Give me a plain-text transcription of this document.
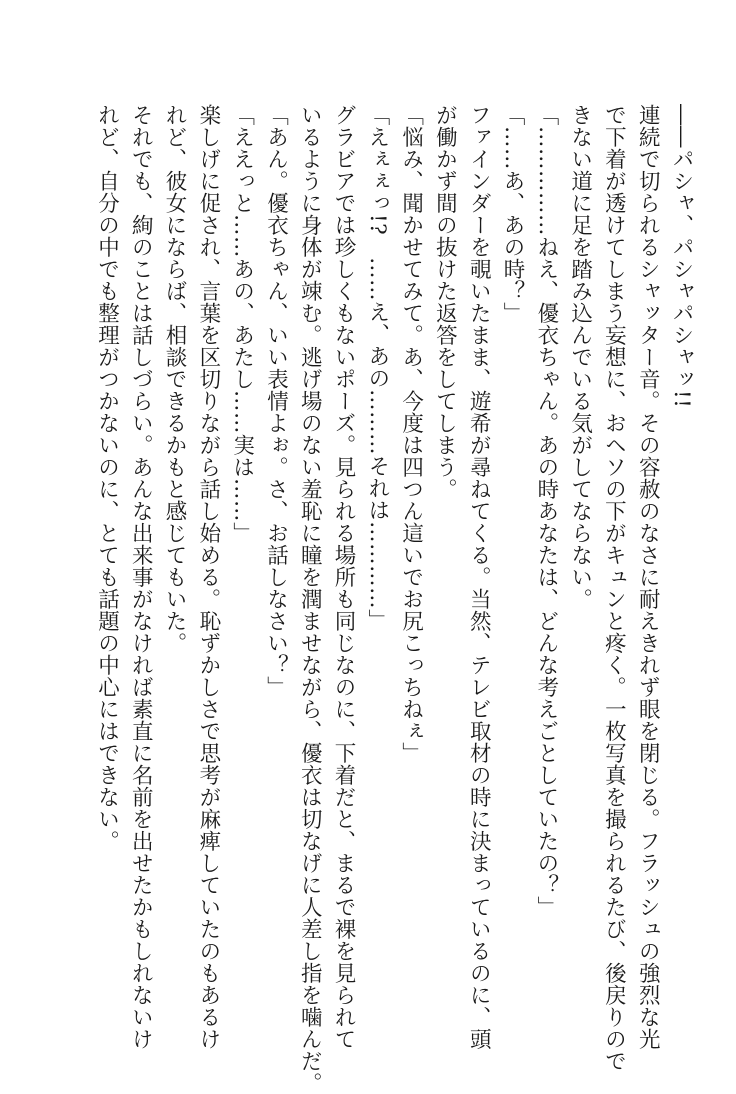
――パシャ、パシャパシャッ!!

連続で切られるシャッター音。その容赦のなさに耐えきれず眼を閉じる。フラッシュの強烈な光

で下着が透けてしまう妄想に、おヘソの下がキュンと疼く。一枚写真を撮られるたび、後戻りので

きない道に足を踏み込んでいる気がしてならない。

「……………ねえ、優衣ちゃん。あの時あなたは、どんな考えごとしていたの？」

「……あ、あの時？」

ファインダーを覗いたまま、遊希が尋ねてくる。当然、テレビ取材の時に決まっているのに、頭

が働かず間の抜けた返答をしてしまう。

「悩み、聞かせてみて。あ、今度は四つん這いでお尻こっちねぇ」

「えぇぇっ!?　……え、あの………それは…………」

グラビアでは珍しくもないポーズ。見られる場所も同じなのに、下着だと、まるで裸を見られて

いるように身体が竦む。逃げ場のない羞恥に瞳を潤ませながら、優衣は切なげに人差し指を噛んだ。

「あん。優衣ちゃん、いい表情よぉ。さ、お話しなさい？」

「ええっと……あの、あたし……実は……」

楽しげに促され、言葉を区切りながら話し始める。恥ずかしさで思考が麻痺していたのもあるけ

れど、彼女にならば、相談できるかもと感じてもいた。

それでも、絢のことは話しづらい。あんな出来事がなければ素直に名前を出せたかもしれないけ

れど、自分の中でも整理がつかないのに、とても話題の中心にはできない。
